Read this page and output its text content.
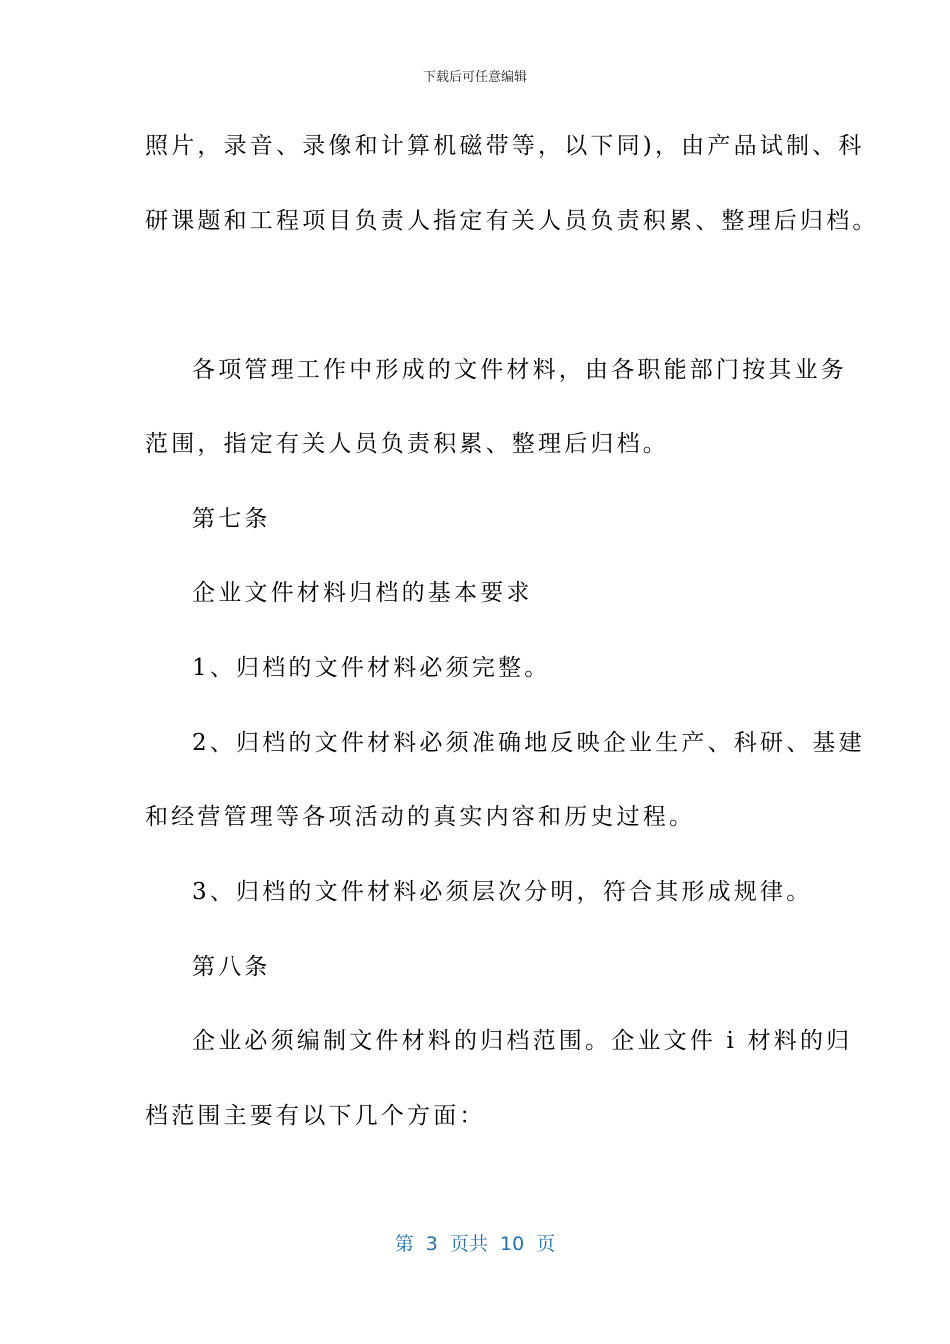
下载后可任意编辑
照片，录音、录像和计算机磁带等，以下同)，由产品试制、科
研课题和工程项目负责人指定有关人员负责积累、整理后归档。
各项管理工作中形成的文件材料，由各职能部门按其业务
范围，指定有关人员负责积累、整理后归档。
第七条
企业文件材料归档的基本要求
1、归档的文件材料必须完整。
2、归档的文件材料必须准确地反映企业生产、科研、基建
和经营管理等各项活动的真实内容和历史过程。
3、归档的文件材料必须层次分明，符合其形成规律。
第八条
企业必须编制文件材料的归档范围。企业文件 i 材料的归
档范围主要有以下几个方面：
第  3  页共  10  页
